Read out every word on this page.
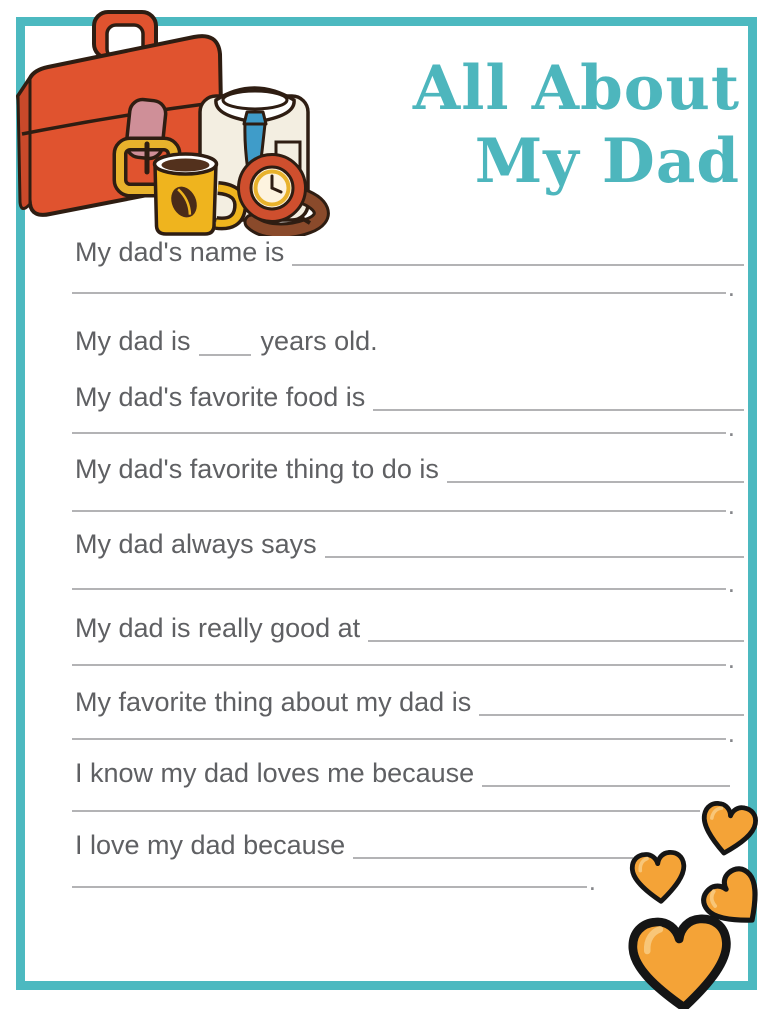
All About
My Dad
My dad's name is
.
My dad is	years old.
My dad's favorite food is
.
My dad's favorite thing to do is
.
My dad always says
.
My dad is really good at
.
My favorite thing about my dad is
.
I know my dad loves me because
I love my dad because
.
